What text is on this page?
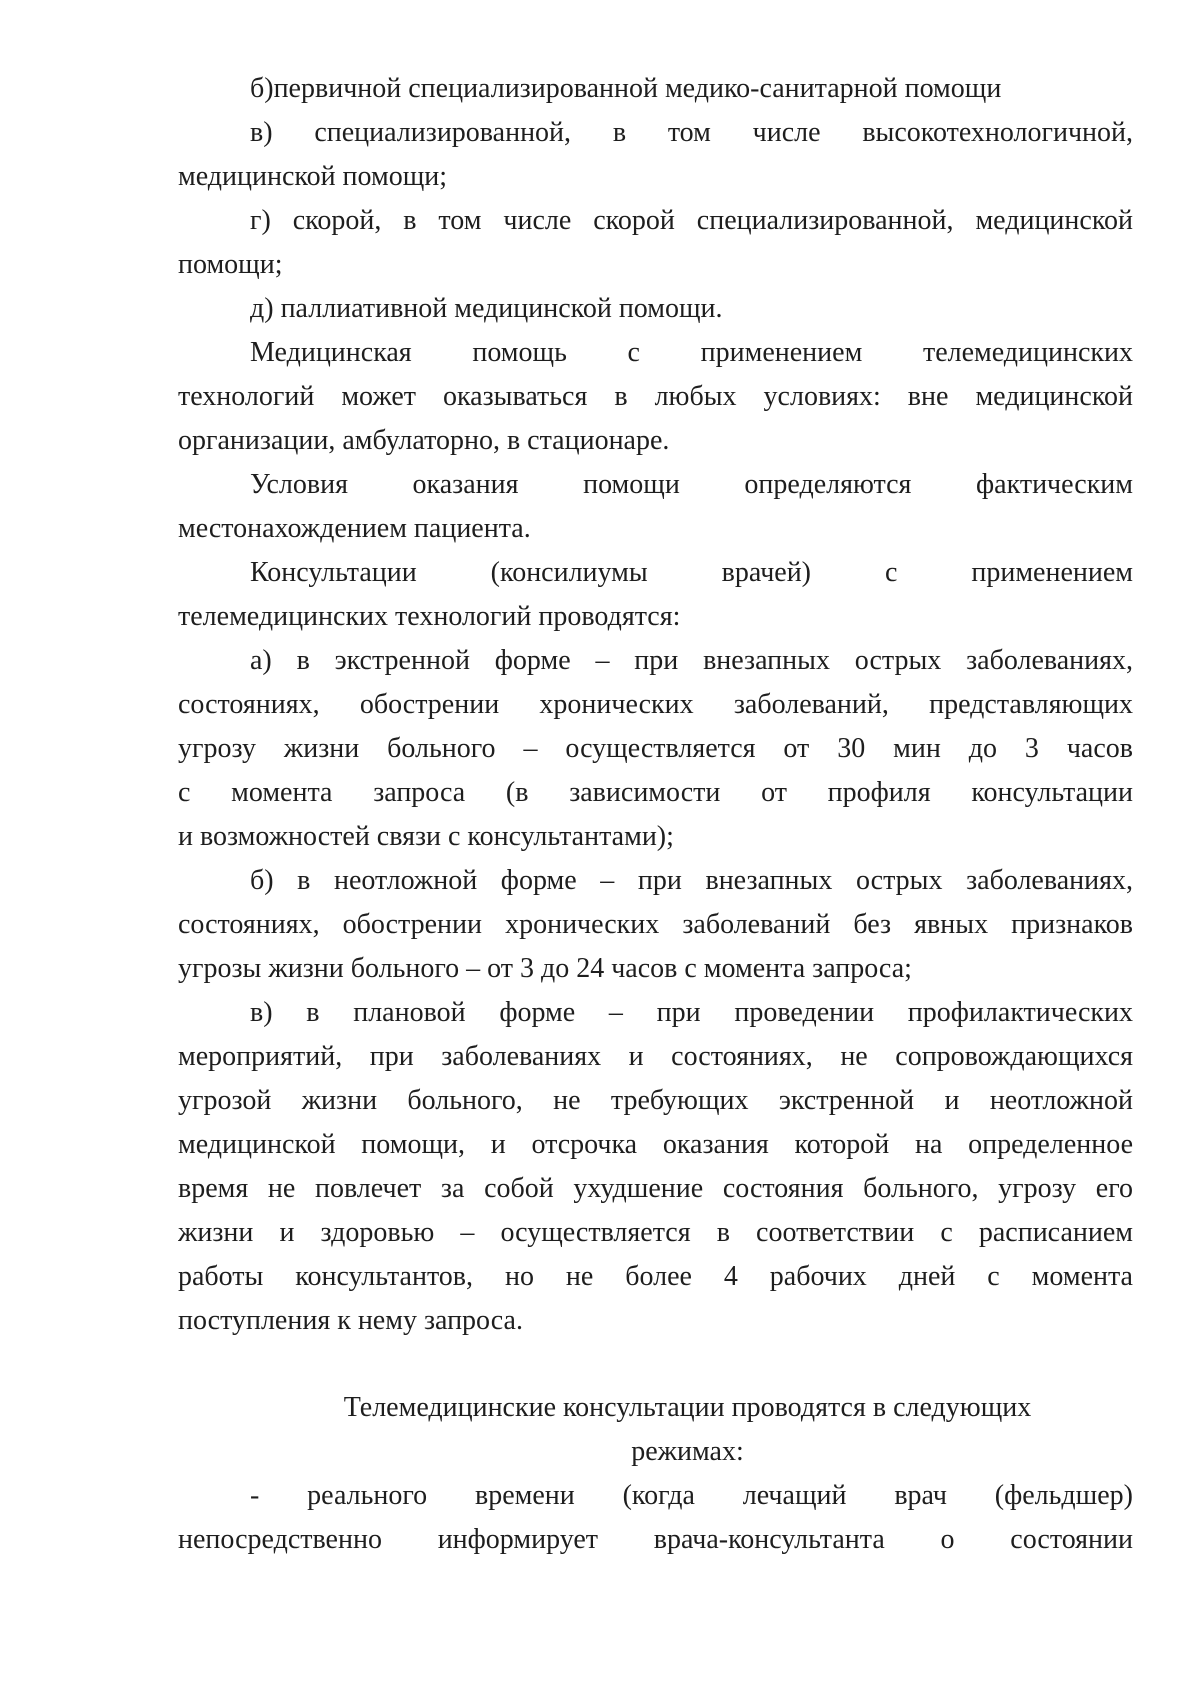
б)первичной специализированной медико-санитарной помощи
в) специализированной, в том числе высокотехнологичной,
медицинской помощи;
г) скорой, в том числе скорой специализированной, медицинской
помощи;
д) паллиативной медицинской помощи.
Медицинская помощь с применением телемедицинских
технологий может оказываться в любых условиях: вне медицинской
организации, амбулаторно, в стационаре.
Условия оказания помощи определяются фактическим
местонахождением пациента.
Консультации (консилиумы врачей) с применением
телемедицинских технологий проводятся:
а) в экстренной форме – при внезапных острых заболеваниях,
состояниях, обострении хронических заболеваний, представляющих
угрозу жизни больного – осуществляется от 30 мин до 3 часов
с момента запроса (в зависимости от профиля консультации
и возможностей связи с консультантами);
б) в неотложной форме – при внезапных острых заболеваниях,
состояниях, обострении хронических заболеваний без явных признаков
угрозы жизни больного – от 3 до 24 часов с момента запроса;
в) в плановой форме – при проведении профилактических
мероприятий, при заболеваниях и состояниях, не сопровождающихся
угрозой жизни больного, не требующих экстренной и неотложной
медицинской помощи, и отсрочка оказания которой на определенное
время не повлечет за собой ухудшение состояния больного, угрозу его
жизни и здоровью – осуществляется в соответствии с расписанием
работы консультантов, но не более 4 рабочих дней с момента
поступления к нему запроса.
Телемедицинские консультации проводятся в следующих
режимах:
- реального времени (когда лечащий врач (фельдшер)
непосредственно информирует врача-консультанта о состоянии
